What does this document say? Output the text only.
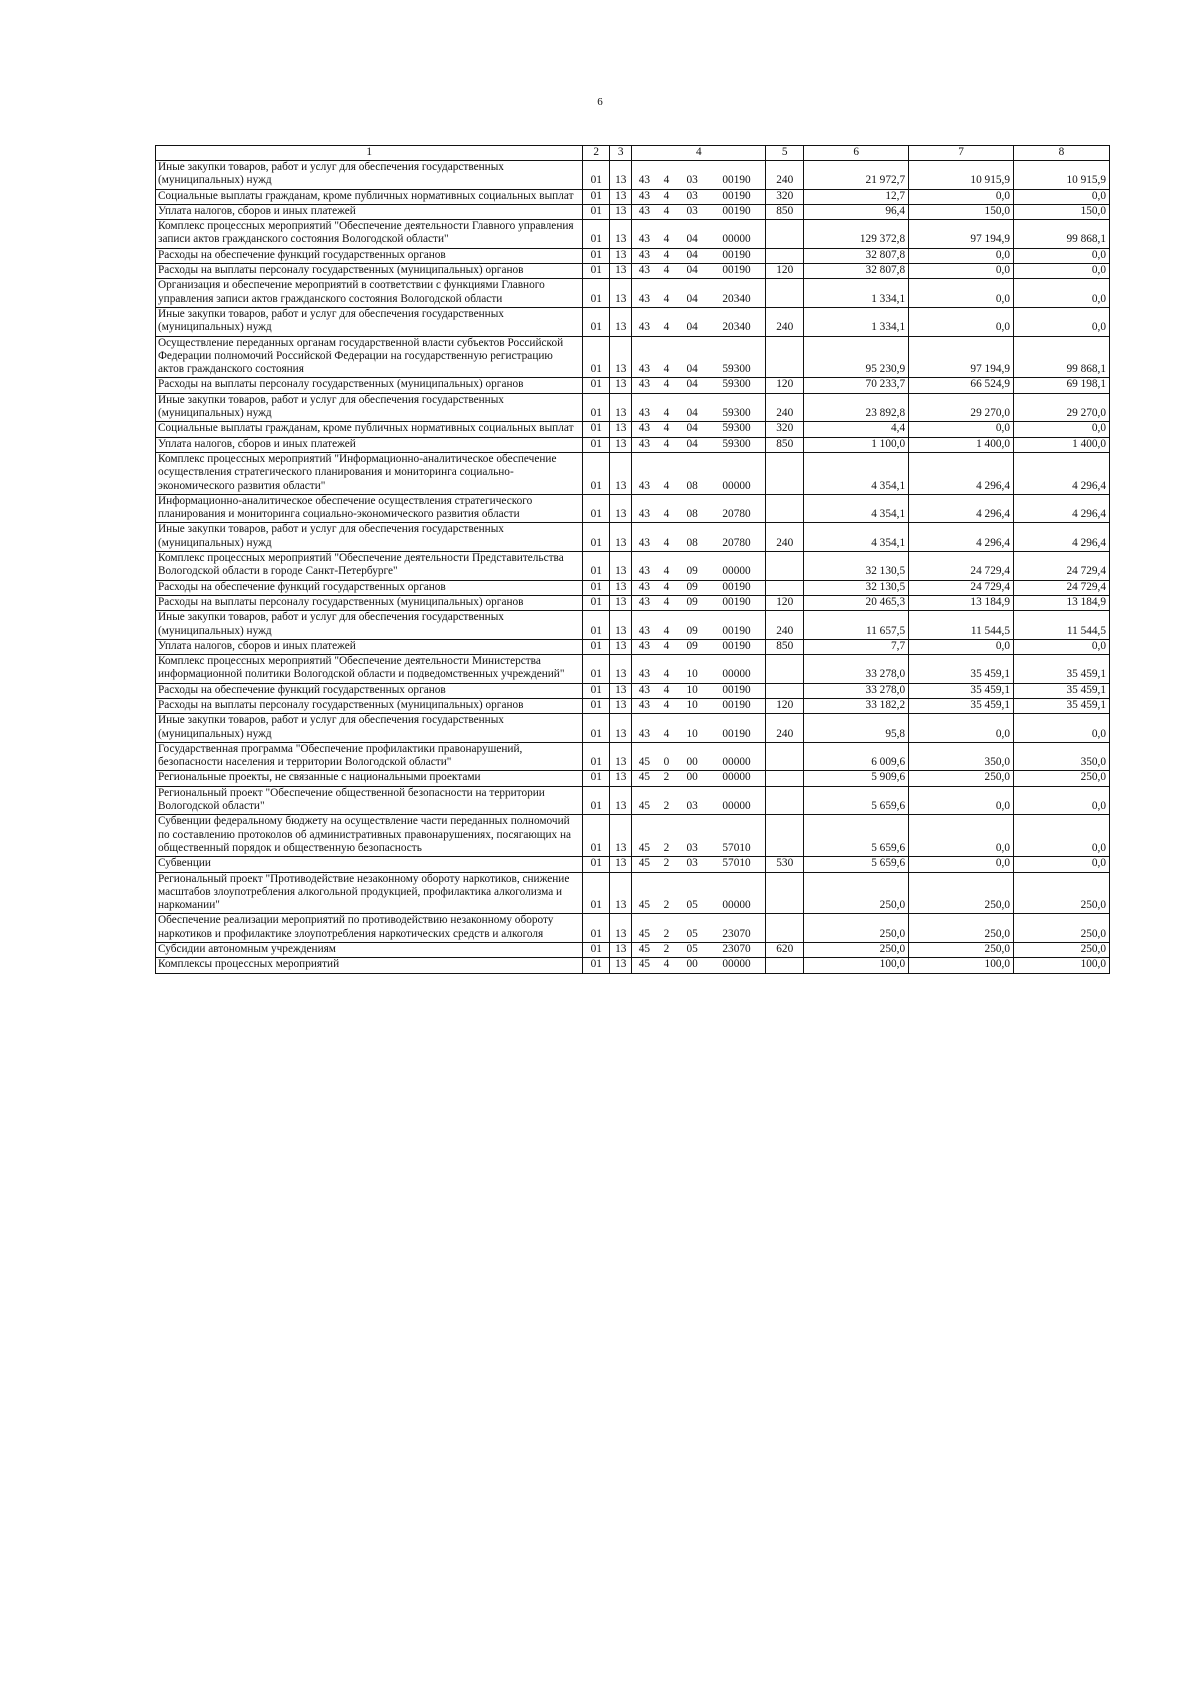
6
1	2	3	4				5	6	7	8
Иные закупки товаров, работ и услуг для обеспечения государственных (муниципальных) нужд	01	13	43	4	03	00190	240	21 972,7	10 915,9	10 915,9
Социальные выплаты гражданам, кроме публичных нормативных социальных выплат	01	13	43	4	03	00190	320	12,7	0,0	0,0
Уплата налогов, сборов и иных платежей	01	13	43	4	03	00190	850	96,4	150,0	150,0
Комплекс процессных мероприятий "Обеспечение деятельности Главного управления записи актов гражданского состояния Вологодской области"	01	13	43	4	04	00000		129 372,8	97 194,9	99 868,1
Расходы на обеспечение функций государственных органов	01	13	43	4	04	00190		32 807,8	0,0	0,0
Расходы на выплаты персоналу государственных (муниципальных) органов	01	13	43	4	04	00190	120	32 807,8	0,0	0,0
Организация и обеспечение мероприятий в соответствии с функциями Главного управления записи актов гражданского состояния Вологодской области	01	13	43	4	04	20340		1 334,1	0,0	0,0
Иные закупки товаров, работ и услуг для обеспечения государственных (муниципальных) нужд	01	13	43	4	04	20340	240	1 334,1	0,0	0,0
Осуществление переданных органам государственной власти субъектов Российской Федерации полномочий Российской Федерации на государственную регистрацию актов гражданского состояния	01	13	43	4	04	59300		95 230,9	97 194,9	99 868,1
Расходы на выплаты персоналу государственных (муниципальных) органов	01	13	43	4	04	59300	120	70 233,7	66 524,9	69 198,1
Иные закупки товаров, работ и услуг для обеспечения государственных (муниципальных) нужд	01	13	43	4	04	59300	240	23 892,8	29 270,0	29 270,0
Социальные выплаты гражданам, кроме публичных нормативных социальных выплат	01	13	43	4	04	59300	320	4,4	0,0	0,0
Уплата налогов, сборов и иных платежей	01	13	43	4	04	59300	850	1 100,0	1 400,0	1 400,0
Комплекс процессных мероприятий "Информационно-аналитическое обеспечение осуществления стратегического планирования и мониторинга социально-экономического развития области"	01	13	43	4	08	00000		4 354,1	4 296,4	4 296,4
Информационно-аналитическое обеспечение осуществления стратегического планирования и мониторинга социально-экономического развития области	01	13	43	4	08	20780		4 354,1	4 296,4	4 296,4
Иные закупки товаров, работ и услуг для обеспечения государственных (муниципальных) нужд	01	13	43	4	08	20780	240	4 354,1	4 296,4	4 296,4
Комплекс процессных мероприятий "Обеспечение деятельности Представительства Вологодской области в городе Санкт-Петербурге"	01	13	43	4	09	00000		32 130,5	24 729,4	24 729,4
Расходы на обеспечение функций государственных органов	01	13	43	4	09	00190		32 130,5	24 729,4	24 729,4
Расходы на выплаты персоналу государственных (муниципальных) органов	01	13	43	4	09	00190	120	20 465,3	13 184,9	13 184,9
Иные закупки товаров, работ и услуг для обеспечения государственных (муниципальных) нужд	01	13	43	4	09	00190	240	11 657,5	11 544,5	11 544,5
Уплата налогов, сборов и иных платежей	01	13	43	4	09	00190	850	7,7	0,0	0,0
Комплекс процессных мероприятий "Обеспечение деятельности Министерства информационной политики Вологодской области и подведомственных учреждений"	01	13	43	4	10	00000		33 278,0	35 459,1	35 459,1
Расходы на обеспечение функций государственных органов	01	13	43	4	10	00190		33 278,0	35 459,1	35 459,1
Расходы на выплаты персоналу государственных (муниципальных) органов	01	13	43	4	10	00190	120	33 182,2	35 459,1	35 459,1
Иные закупки товаров, работ и услуг для обеспечения государственных (муниципальных) нужд	01	13	43	4	10	00190	240	95,8	0,0	0,0
Государственная программа "Обеспечение профилактики правонарушений, безопасности населения и территории Вологодской области"	01	13	45	0	00	00000		6 009,6	350,0	350,0
Региональные проекты, не связанные с национальными проектами	01	13	45	2	00	00000		5 909,6	250,0	250,0
Региональный проект "Обеспечение общественной безопасности на территории Вологодской области"	01	13	45	2	03	00000		5 659,6	0,0	0,0
Субвенции федеральному бюджету на осуществление части переданных полномочий по составлению протоколов об административных правонарушениях, посягающих на общественный порядок и общественную безопасность	01	13	45	2	03	57010		5 659,6	0,0	0,0
Субвенции	01	13	45	2	03	57010	530	5 659,6	0,0	0,0
Региональный проект "Противодействие незаконному обороту наркотиков, снижение масштабов злоупотребления алкогольной продукцией, профилактика алкоголизма и наркомании"	01	13	45	2	05	00000		250,0	250,0	250,0
Обеспечение реализации мероприятий по противодействию незаконному обороту наркотиков и профилактике злоупотребления наркотических средств и алкоголя	01	13	45	2	05	23070		250,0	250,0	250,0
Субсидии автономным учреждениям	01	13	45	2	05	23070	620	250,0	250,0	250,0
Комплексы процессных мероприятий	01	13	45	4	00	00000		100,0	100,0	100,0
